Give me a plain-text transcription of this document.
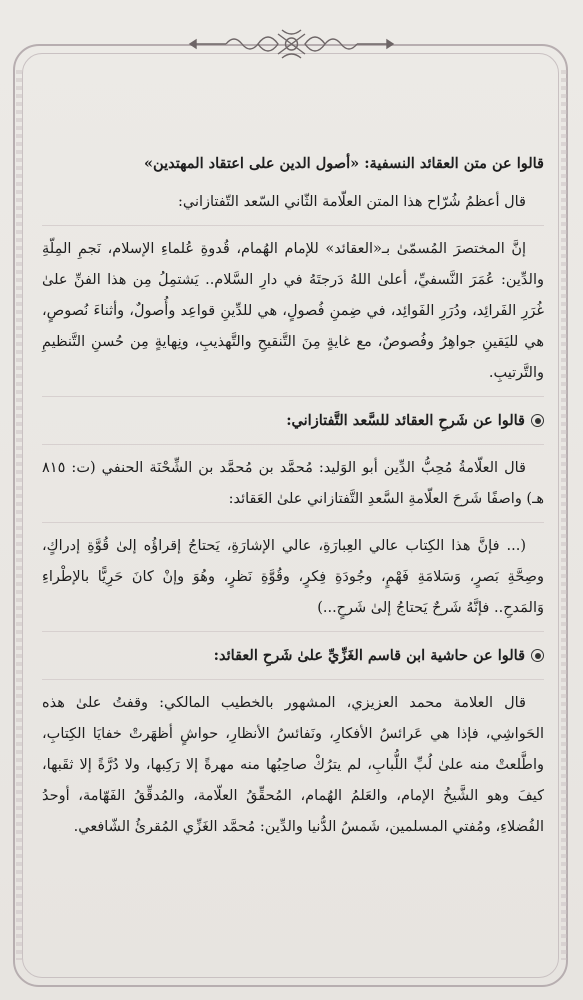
قالوا عن متن العقائد النسفية: «أصول الدين على اعتقاد المهتدين»

قال أعظمُ شُرّاح هذا المتن العلّامة الثّاني السّعد التّفتازاني:

إنَّ المختصرَ المُسمّىٰ بـ«العقائد» للإمام الهُمام، قُدوةِ عُلماءِ الإسلام، نَجمِ المِلّةِ والدِّين: عُمَرَ النَّسفيِّ، أعلىٰ اللهُ دَرجتَهُ في دارِ السَّلام.. يَشتمِلُ مِن هذا الفنِّ علىٰ غُرَرِ الفَرائِد، ودُرَرِ الفَوائِد، في ضِمنِ فُصولٍ، هي للدِّينِ قواعِد وأُصولٌ، وأثناءَ نُصوصٍ، هي لليَقينِ جواهِرُ وفُصوصٌ، مع غايةٍ مِنَ التَّنقيحِ والتَّهذيبِ، ونِهايةٍ مِن حُسنِ التَّنظيمِ والتَّرتيبِ.

قالوا عن شَرحِ العقائد للسَّعد التَّفتازاني:

قال العلّامةُ مُحِبُّ الدِّين أبو الوَليد: مُحمَّد بن مُحمَّد بن الشِّحْنَة الحنفي (ت: ٨١٥ هـ) واصفًا شَرحَ العلّامةِ السَّعدِ التَّفتازاني علىٰ العَقائد:

(... فإنَّ هذا الكِتاب عالي العِبارَةِ، عالي الإشارَةِ، يَحتاجُ إقراؤُه إلىٰ قُوَّةِ إدراكٍ، وصِحَّةِ بَصرٍ، وَسَلامَةِ فَهْمٍ، وجُودَةِ فِكرٍ، وقُوَّةِ نَظرٍ، وهُوَ وإنْ كانَ حَرِيًّا بالإطْراءِ وَالمَدحِ.. فإنَّهُ شَرحٌ يَحتاجُ إلىٰ شَرحٍ...)

قالوا عن حاشية ابن قاسم الغَزِّيِّ علىٰ شَرحِ العقائد:

قال العلامة محمد العزيزي، المشهور بالخطيب المالكي: وقفتُ علىٰ هذه الحَواشِي، فإذا هي عَرائسُ الأفكارِ، ونَفائسُ الأنظارِ، حواشٍ أظهَرتْ خفايَا الكِتابِ، واطَّلعتْ منه علىٰ لُبِّ اللُّبابِ، لم يترُكْ صاحِبُها منه مهرةً إلا رَكِبها، ولا دُرَّةً إلا ثقَبها، كيفَ وهو الشَّيخُ الإمام، والعَلمُ الهُمام، المُحقِّقُ العلّامة، والمُدقِّقُ الفَهّامة، أوحدُ الفُضلاءِ، ومُفتي المسلمين، شَمسُ الدُّنيا والدِّين: مُحمَّد الغَزِّي المُقرئُ الشّافعي.
